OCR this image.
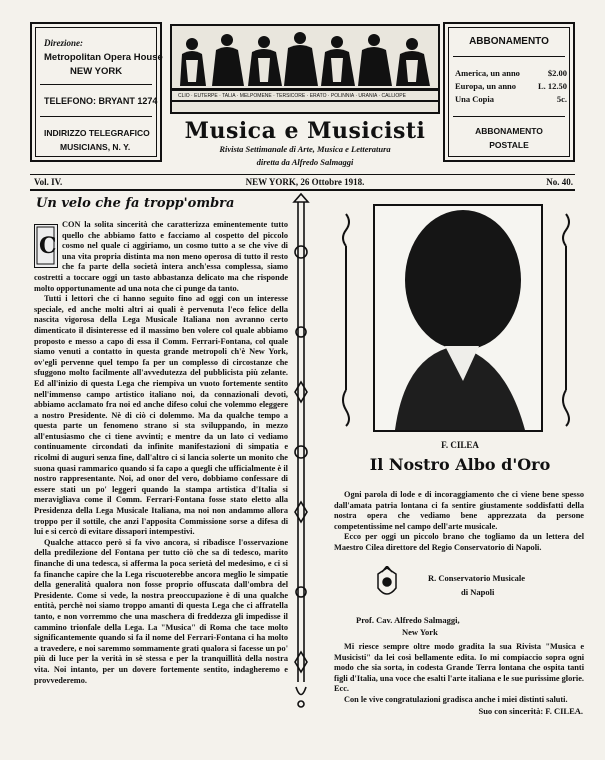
Direzione:
Metropolitan Opera House
NEW YORK
TELEFONO: BRYANT 1274
INDIRIZZO TELEGRAFICO
MUSICIANS, N. Y.
CLIO · EUTERPE · TALIA · MELPOMENE · TERSICORE · ERATO · POLINNIA · URANIA · CALLIOPE
Musica e Musicisti
Rivista Settimanale di Arte, Musica e Letteratura
diretta da Alfredo Salmaggi
ABBONAMENTO
America, un anno	$2.00
Europa, un anno	L. 12.50
Una Copia	5c.
ABBONAMENTO
POSTALE
Vol. IV.	NEW YORK, 26 Ottobre 1918.	No. 40.
Un velo che fa tropp'ombra
C

CON la solita sincerità che caratterizza eminentemente tutto quello che abbiamo fatto e facciamo al cospetto del piccolo cosmo nel quale ci aggiriamo, un cosmo tutto a se che vive di una vita propria distinta ma non meno operosa di tutto il resto che fa parte della società intera anch'essa complessa, siamo costretti a toccare oggi un tasto abbastanza delicato ma che risponde molto opportunamente ad una nota che ci punge da tanto.

Tutti i lettori che ci hanno seguito fino ad oggi con un interesse speciale, ed anche molti altri ai quali è pervenuta l'eco felice della nascita vigorosa della Lega Musicale Italiana non avranno certo dimenticato il disinteresse ed il massimo ben volere col quale abbiamo proposto e messo a capo di essa il Comm. Ferrari-Fontana, col quale siamo venuti a contatto in questa grande metropoli ch'è New York, ov'egli pervenne quel tempo fa per un complesso di circostanze che sfuggono molto facilmente all'avvedutezza del pubblicista più zelante. Ed all'inizio di questa Lega che riempiva un vuoto fortemente sentito nell'immenso campo artistico italiano noi, da connazionali devoti, abbiamo acclamato fra noi ed anche difeso colui che volemmo eleggere a nostro Presidente. Nè di ciò ci dolemmo. Ma da qualche tempo a questa parte un fenomeno strano si sta sviluppando, in mezzo all'entusiasmo che ci tiene avvinti; e mentre da un lato ci vediamo continuamente circondati da infinite manifestazioni di simpatia e ricolmi di auguri senza fine, dall'altro ci si lancia solerte un monito che suona quasi rammarico quando si fa capo a quegli che ufficialmente è il nostro rappresentante. Noi, ad onor del vero, dobbiamo confessare di essere stati un po' leggeri quando la stampa artistica d'Italia si meravigliava come il Comm. Ferrari-Fontana fosse stato eletto alla Presidenza della Lega Musicale Italiana, ma noi non andammo allora troppo per il sottile, che anzi l'apposita Commissione sorse a difesa di lui e si cercò di evitare dissapori intempestivi.

Qualche attacco però si fa vivo ancora, si ribadisce l'osservazione della predilezione del Fontana per tutto ciò che sa di tedesco, marito finanche di una tedesca, si afferma la poca serietà del medesimo, e ci si fa finanche capire che la Lega riscuoterebbe ancora meglio le simpatie della generalità qualora non fosse proprio offuscata dall'ombra del Presidente. Come si vede, la nostra preoccupazione è di una qualche entità, perchè noi siamo troppo amanti di questa Lega che ci affratella tanto, e non vorremmo che una maschera di freddezza gli impedisse il cammino trionfale della Lega. La "Musica" di Roma che tace molto significantemente quando si fa il nome del Ferrari-Fontana ci ha molto a travedere, e noi saremmo sommamente grati qualora si facesse un po' più di luce per la verità in sè stessa e per la tranquillità della nostra vita. Noi intanto, per un dovere fortemente sentito, indagheremo e provvederemo.

F. CILEA
Il Nostro Albo d'Oro

Ogni parola di lode e di incoraggiamento che ci viene bene spesso dall'amata patria lontana ci fa sentire giustamente soddisfatti della nostra opera che vediamo bene apprezzata da persone competentissime nel campo dell'arte musicale.

Ecco per oggi un piccolo brano che togliamo da un lettera del Maestro Cilea direttore del Regio Conservatorio di Napoli.

R. Conservatorio Musicale
di Napoli
Prof. Cav. Alfredo Salmaggi,
New York

Mi riesce sempre oltre modo gradita la sua Rivista "Musica e Musicisti" da lei così bellamente edita. Io mi compiaccio sopra ogni modo che sia sorta, in codesta Grande Terra lontana che ospita tanti figli d'Italia, una voce che esalti l'arte italiana e le sue purissime glorie. Ecc.

Con le vive congratulazioni gradisca anche i miei distinti saluti.

Suo con sincerità: F. CILEA.
